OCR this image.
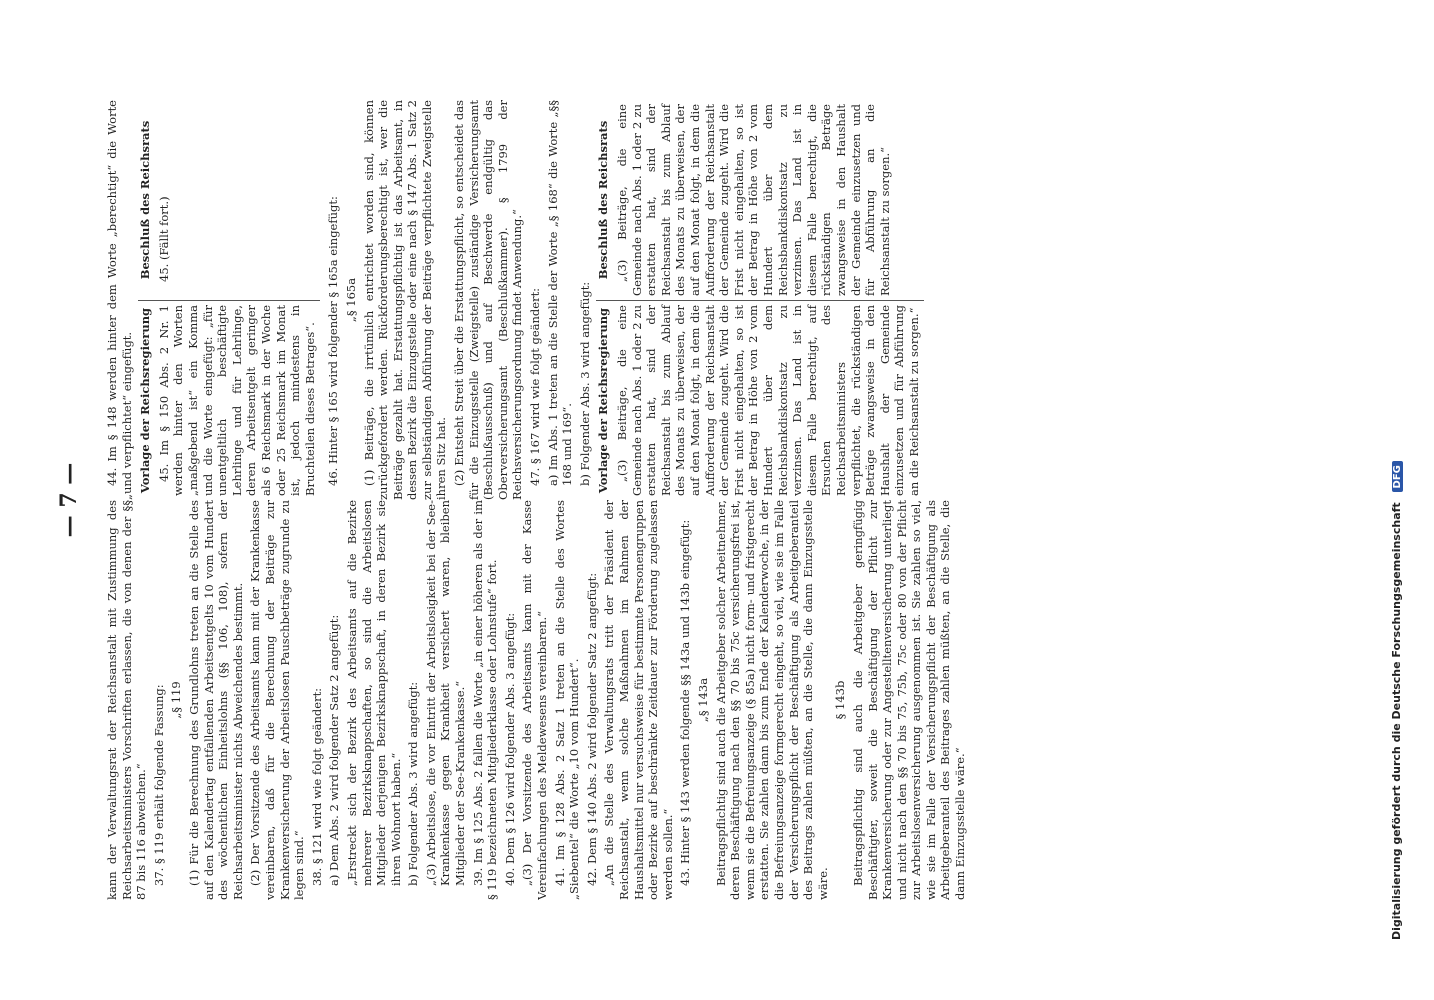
— 7 — kann der Verwaltungsrat der Reichsanstalt mit Zustimmung des Reichsarbeitsministers Vorschriften erlassen, die von denen der §§ 87 bis 116 abweichen.“ 37. § 119 erhält folgende Fassung: „§ 119 (1) Für die Berechnung des Grundlohns treten an die Stelle des auf den Kalendertag entfallenden Arbeitsentgelts 10 vom Hundert des wöchentlichen Einheitslohns (§§ 106, 108), sofern der Reichsarbeitsminister nichts Abweichendes bestimmt. (2) Der Vorsitzende des Arbeitsamts kann mit der Krankenkasse vereinbaren, daß für die Berechnung der Beiträge zur Krankenversicherung der Arbeitslosen Pauschbeträge zugrunde zu legen sind.“ 38. § 121 wird wie folgt geändert: a) Dem Abs. 2 wird folgender Satz 2 angefügt: „Erstreckt sich der Bezirk des Arbeitsamts auf die Bezirke mehrerer Bezirksknappschaften, so sind die Arbeitslosen Mitglieder derjenigen Bezirksknappschaft, in deren Bezirk sie ihren Wohnort haben.“ b) Folgender Abs. 3 wird angefügt: „(3) Arbeitslose, die vor Eintritt der Arbeitslosigkeit bei der See-Krankenkasse gegen Krankheit versichert waren, bleiben Mitglieder der See-Krankenkasse.“ 39. Im § 125 Abs. 2 fallen die Worte „in einer höheren als der im § 119 bezeichneten Mitgliederklasse oder Lohnstufe“ fort. 40. Dem § 126 wird folgender Abs. 3 angefügt: „(3) Der Vorsitzende des Arbeitsamts kann mit der Kasse Vereinfachungen des Meldewesens vereinbaren.“ 41. Im § 128 Abs. 2 Satz 1 treten an die Stelle des Wortes „Siebentel“ die Worte „10 vom Hundert“. 42. Dem § 140 Abs. 2 wird folgender Satz 2 angefügt: „An die Stelle des Verwaltungsrats tritt der Präsident der Reichsanstalt, wenn solche Maßnahmen im Rahmen der Haushaltsmittel nur versuchsweise für bestimmte Personengruppen oder Bezirke auf beschränkte Zeitdauer zur Förderung zugelassen werden sollen.“ 43. Hinter § 143 werden folgende §§ 143a und 143b eingefügt: „§ 143a Beitragspflichtig sind auch die Arbeitgeber solcher Arbeitnehmer, deren Beschäftigung nach den §§ 70 bis 75c versicherungsfrei ist, wenn sie die Befreiungsanzeige (§ 85a) nicht form- und fristgerecht erstatten. Sie zahlen dann bis zum Ende der Kalenderwoche, in der die Befreiungsanzeige formgerecht eingeht, so viel, wie sie im Falle der Versicherungspflicht der Beschäftigung als Arbeitgeberanteil des Beitrags zahlen müßten, an die Stelle, die dann Einzugsstelle wäre.

§ 143b Beitragspflichtig sind auch die Arbeitgeber geringfügig Beschäftigter, soweit die Beschäftigung der Pflicht zur Krankenversicherung oder zur Angestelltenversicherung unterliegt und nicht nach den §§ 70 bis 75, 75b, 75c oder 80 von der Pflicht zur Arbeitslosenversicherung ausgenommen ist. Sie zahlen so viel, wie sie im Falle der Versicherungspflicht der Beschäftigung als Arbeitgeberanteil des Beitrages zahlen müßten, an die Stelle, die dann Einzugsstelle wäre.“

44. Im § 148 werden hinter dem Worte „berechtigt“ die Worte „und verpflichtet“ eingefügt. Vorlage der Reichsregierung 45. Im § 150 Abs. 2 Nr. 1 werden hinter den Worten „maßgebend ist“ ein Komma und die Worte eingefügt: „für unentgeltlich beschäftigte Lehrlinge und für Lehrlinge, deren Arbeitsentgelt geringer als 6 Reichsmark in der Woche oder 25 Reichsmark im Monat ist, jedoch mindestens in Bruchteilen dieses Betrages“.

Beschluß des Reichsrats 45. (Fällt fort.)	46. Hinter § 165 wird folgender § 165a eingefügt: „§ 165a (1) Beiträge, die irrtümlich entrichtet worden sind, können zurückgefordert werden. Rückforderungsberechtigt ist, wer die Beiträge gezahlt hat. Erstattungspflichtig ist das Arbeitsamt, in dessen Bezirk die Einzugsstelle oder eine nach § 147 Abs. 1 Satz 2 zur selbständigen Abführung der Beiträge verpflichtete Zweigstelle ihren Sitz hat. (2) Entsteht Streit über die Erstattungspflicht, so entscheidet das für die Einzugsstelle (Zweigstelle) zuständige Versicherungsamt (Beschlußausschuß) und auf Beschwerde endgültig das Oberversicherungsamt (Beschlußkammer). § 1799 der Reichsversicherungsordnung findet Anwendung.“ 47. § 167 wird wie folgt geändert: a) Im Abs. 1 treten an die Stelle der Worte „§ 168“ die Worte „§§ 168 und 169“. b) Folgender Abs. 3 wird angefügt: Vorlage der Reichsregierung „(3) Beiträge, die eine Gemeinde nach Abs. 1 oder 2 zu erstatten hat, sind der Reichsanstalt bis zum Ablauf des Monats zu überweisen, der auf den Monat folgt, in dem die Aufforderung der Reichsanstalt der Gemeinde zugeht. Wird die Frist nicht eingehalten, so ist der Betrag in Höhe von 2 vom Hundert über dem Reichsbankdiskontsatz zu verzinsen. Das Land ist in diesem Falle berechtigt, auf Ersuchen des Reichsarbeitsministers verpflichtet, die rückständigen Beträge zwangsweise in den Haushalt der Gemeinde einzusetzen und für Abführung an die Reichsanstalt zu sorgen.“

Beschluß des Reichsrats „(3) Beiträge, die eine Gemeinde nach Abs. 1 oder 2 zu erstatten hat, sind der Reichsanstalt bis zum Ablauf des Monats zu überweisen, der auf den Monat folgt, in dem die Aufforderung der Reichsanstalt der Gemeinde zugeht. Wird die Frist nicht eingehalten, so ist der Betrag in Höhe von 2 vom Hundert über dem Reichsbankdiskontsatz zu verzinsen. Das Land ist in diesem Falle berechtigt, die rückständigen Beträge zwangsweise in den Haushalt der Gemeinde einzusetzen und für Abführung an die Reichsanstalt zu sorgen.“

Digitalisierung gefördert durch die Deutsche Forschungsgemeinschaft DFG
